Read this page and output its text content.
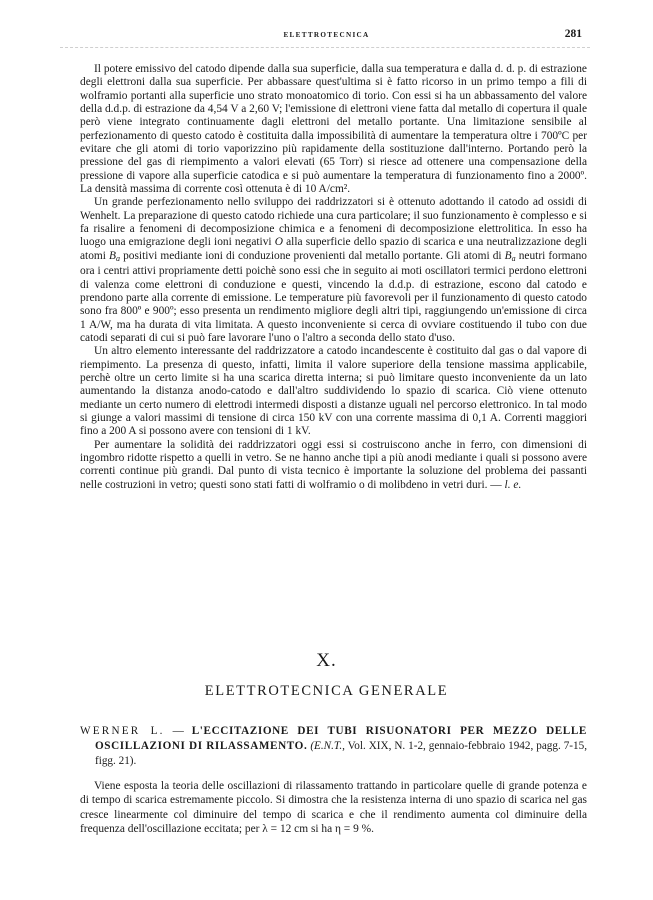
ELETTROTECNICA	281

Il potere emissivo del catodo dipende dalla sua superficie, dalla sua temperatura e dalla d. d. p. di estrazione degli elettroni dalla sua superficie. Per abbassare quest'ultima si è fatto ricorso in un primo tempo a fili di wolframio portanti alla superficie uno strato monoatomico di torio. Con essi si ha un abbassamento del valore della d.d.p. di estrazione da 4,54 V a 2,60 V; l'emissione di elettroni viene fatta dal metallo di copertura il quale però viene integrato continuamente dagli elettroni del metallo portante. Una limitazione sensibile al perfezionamento di questo catodo è costituita dalla impossibilità di aumentare la temperatura oltre i 700ºC per evitare che gli atomi di torio vaporizzino più rapidamente della sostituzione dall'interno. Portando però la pressione del gas di riempimento a valori elevati (65 Torr) si riesce ad ottenere una compensazione della pressione di vapore alla superficie catodica e si può aumentare la temperatura di funzionamento fino a 2000º. La densità massima di corrente così ottenuta è di 10 A/cm².

Un grande perfezionamento nello sviluppo dei raddrizzatori si è ottenuto adottando il catodo ad ossidi di Wenhelt. La preparazione di questo catodo richiede una cura particolare; il suo funzionamento è complesso e si fa risalire a fenomeni di decomposizione chimica e a fenomeni di decomposizione elettrolitica. In esso ha luogo una emigrazione degli ioni negativi O alla superficie dello spazio di scarica e una neutralizzazione degli atomi $B_a$ positivi mediante ioni di conduzione provenienti dal metallo portante. Gli atomi di $B_a$ neutri formano ora i centri attivi propriamente detti poichè sono essi che in seguito ai moti oscillatori termici perdono elettroni di valenza come elettroni di conduzione e questi, vincendo la d.d.p. di estrazione, escono dal catodo e prendono parte alla corrente di emissione. Le temperature più favorevoli per il funzionamento di questo catodo sono fra 800º e 900º; esso presenta un rendimento migliore degli altri tipi, raggiungendo un'emissione di circa 1 A/W, ma ha durata di vita limitata. A questo inconveniente si cerca di ovviare costituendo il tubo con due catodi separati di cui si può fare lavorare l'uno o l'altro a seconda dello stato d'uso.

Un altro elemento interessante del raddrizzatore a catodo incandescente è costituito dal gas o dal vapore di riempimento. La presenza di questo, infatti, limita il valore superiore della tensione massima applicabile, perchè oltre un certo limite si ha una scarica diretta interna; si può limitare questo inconveniente da un lato aumentando la distanza anodo-catodo e dall'altro suddividendo lo spazio di scarica. Ciò viene ottenuto mediante un certo numero di elettrodi intermedi disposti a distanze uguali nel percorso elettronico. In tal modo si giunge a valori massimi di tensione di circa 150 kV con una corrente massima di 0,1 A. Correnti maggiori fino a 200 A si possono avere con tensioni di 1 kV.

Per aumentare la solidità dei raddrizzatori oggi essi si costruiscono anche in ferro, con dimensioni di ingombro ridotte rispetto a quelli in vetro. Se ne hanno anche tipi a più anodi mediante i quali si possono avere correnti continue più grandi. Dal punto di vista tecnico è importante la soluzione del problema dei passanti nelle costruzioni in vetro; questi sono stati fatti di wolframio o di molibdeno in vetri duri. — l. e.

X.
ELETTROTECNICA GENERALE

WERNER L. — L'ECCITAZIONE DEI TUBI RISUONATORI PER MEZZO DELLE OSCILLAZIONI DI RILASSAMENTO. (E.N.T., Vol. XIX, N. 1-2, gennaio-febbraio 1942, pagg. 7-15, figg. 21).

Viene esposta la teoria delle oscillazioni di rilassamento trattando in particolare quelle di grande potenza e di tempo di scarica estremamente piccolo. Si dimostra che la resistenza interna di uno spazio di scarica nel gas cresce linearmente col diminuire del tempo di scarica e che il rendimento aumenta col diminuire della frequenza dell'oscillazione eccitata; per λ = 12 cm si ha η = 9 %.
